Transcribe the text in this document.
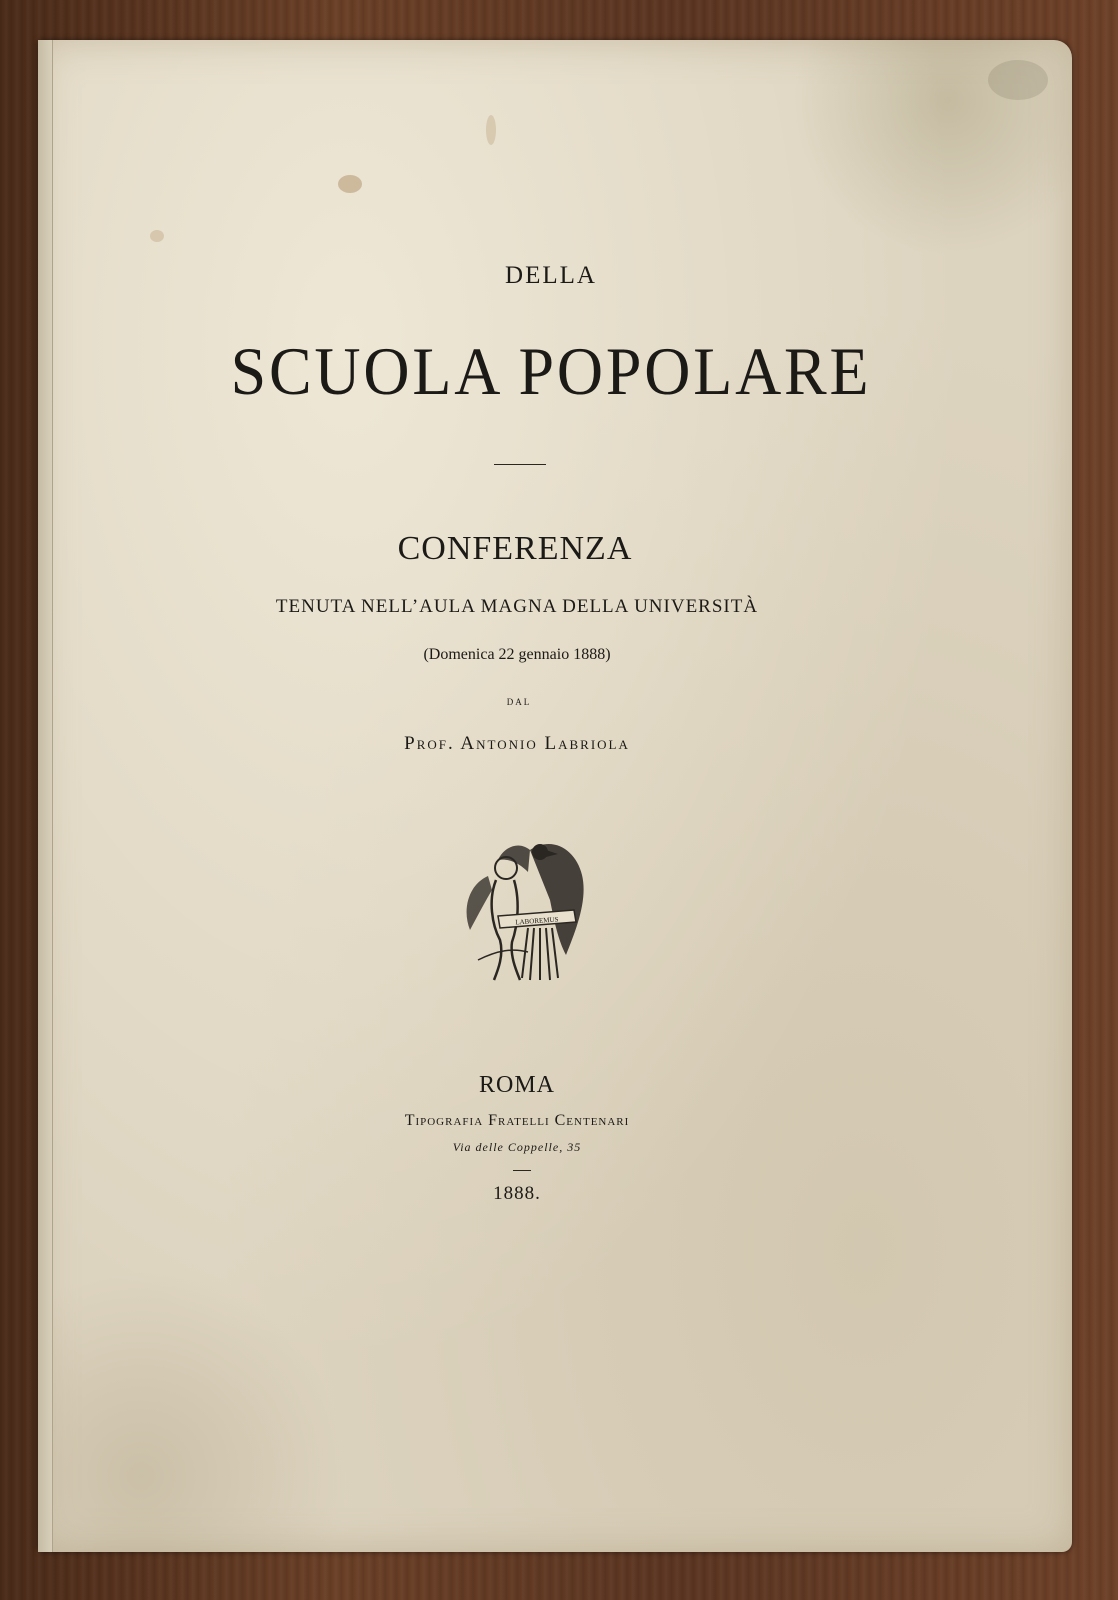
DELLA
SCUOLA POPOLARE
CONFERENZA
TENUTA NELL’AULA MAGNA DELLA UNIVERSITÀ
(Domenica 22 gennaio 1888)
DAL
Prof. Antonio Labriola
LABOREMUS
ROMA
Tipografia Fratelli Centenari
Via delle Coppelle, 35
1888.
